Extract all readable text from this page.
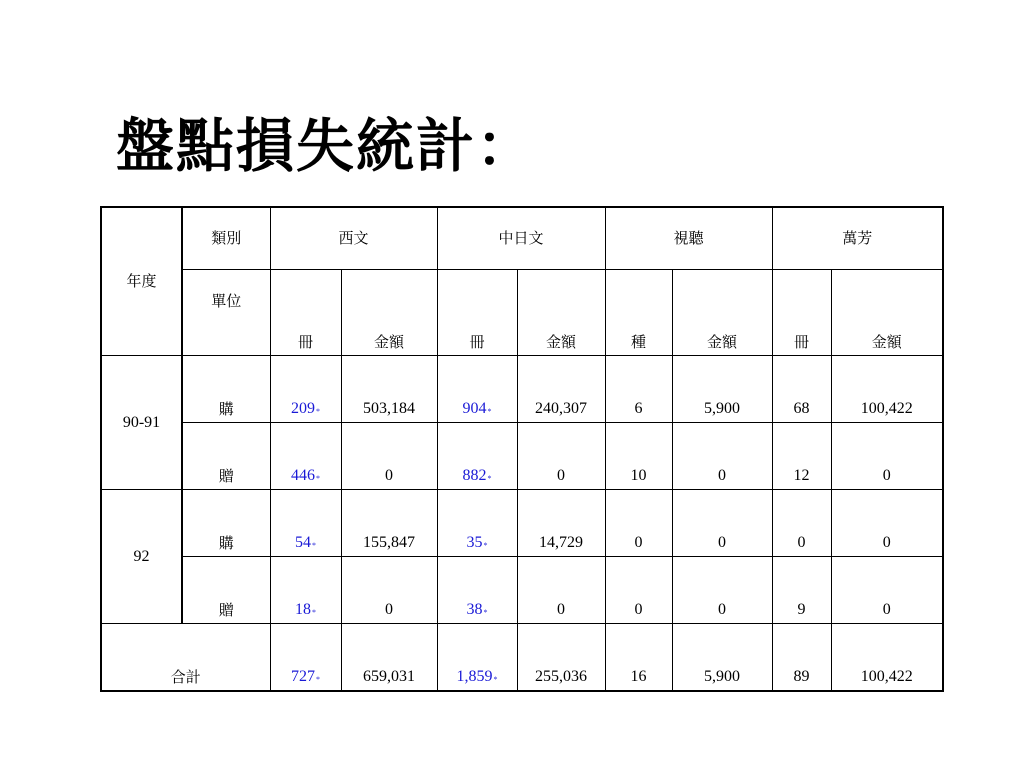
盤點損失統計：
年度	類別	西文		中日文		視聽		萬芳	
	單位	冊	金額	冊	金額	種	金額	冊	金額
90-91	購	209*	503,184	904*	240,307	6	5,900	68	100,422
	贈	446*	0	882*	0	10	0	12	0
92	購	54*	155,847	35*	14,729	0	0	0	0
	贈	18*	0	38*	0	0	0	9	0
合計		727*	659,031	1,859*	255,036	16	5,900	89	100,422
